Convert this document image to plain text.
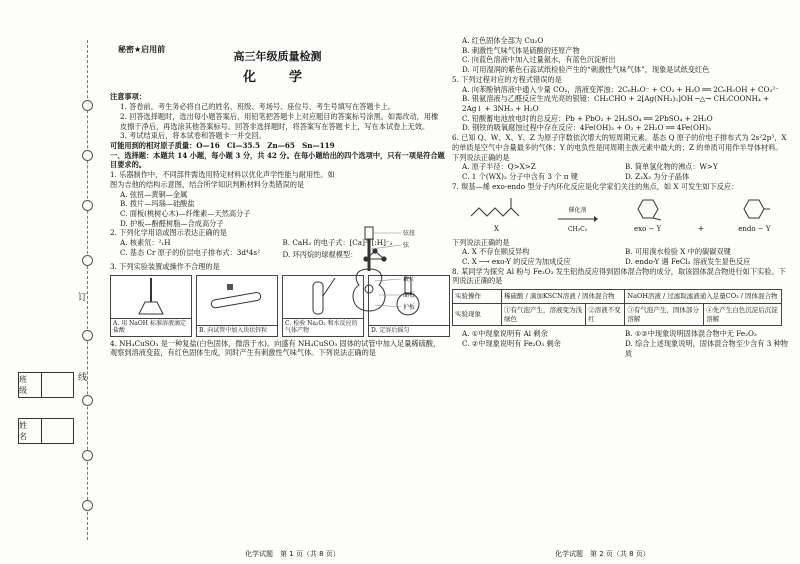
订
线
班　级
姓　名
秘密★启用前
高三年级质量检测
化　学

注意事项：

1. 答卷前，考生务必将自己的姓名、班级、考场号、座位号、考生号填写在答题卡上。

2. 回答选择题时，选出每小题答案后，用铅笔把答题卡上对应题目的答案标号涂黑。如需改动，用橡皮擦干净后，再选涂其他答案标号。回答非选择题时，将答案写在答题卡上，写在本试卷上无效。

3. 考试结束后，将本试卷和答题卡一并交回。

可能用到的相对原子质量：O—16　Cl—35.5　Zn—65　Sn—119

一、选择题：本题共 14 小题，每小题 3 分，共 42 分。在每小题给出的四个选项中，只有一项是符合题目要求的。

1. 乐器制作中，不同部件需选用特定材料以优化声学性能与耐用性。如图为吉他的结构示意图，结合所学知识判断材料分类错误的是

A. 弦扭—黄铜—金属

B. 拨片—玛瑙—硅酸盐

C. 面板(桃树心木)—纤维素—天然高分子

D. 护板—酚醛树脂—合成高分子

2. 下列化学用语或图示表达正确的是

A. 核素氘：²₁H	B. CaH₂ 的电子式：[Ca]²⁺[:H]⁻₂
C. 基态 Cr 原子的价层电子排布式：3d⁴4s²	D. 环丙烷的球棍模型：

3. 下列实验装置或操作不合理的是

A. 用 NaOH 标准溶液滴定盐酸	B. 向试管中加入块状锌粒
C. 检验 Na₂O₂ 和水反应的气体产物	D. 定容后摇匀

4. NH₄CuSO₃ 是一种复盐(白色固体，微溶于水)。向盛有 NH₄CuSO₃ 固体的试管中加入足量稀硫酸，观察到溶液变蓝，有红色固体生成，同时产生有刺激性气味气体。下列说法正确的是

弦扭
弦
拨片
面板
护板

A. 红色固体全部为 Cu₂O

B. 刺激性气味气体是硫酸的还原产物

C. 向蓝色溶液中加入过量氨水，有蓝色沉淀析出

D. 可用湿润的紫色石蕊试纸检验产生的“刺激性气味气体”，现象是试纸变红色

5. 下列过程对应的方程式错误的是

A. 向苯酚钠溶液中通入少量 CO₂，溶液变浑浊：2C₆H₅O⁻ + CO₂ + H₂O ══ 2C₆H₅OH + CO₃²⁻

B. 银氨溶液与乙醛反应生成光亮的银镜：CH₃CHO + 2[Ag(NH₃)₂]OH ─△→ CH₃COONH₄ + 2Ag↓ + 3NH₃ + H₂O

C. 铅酸蓄电池放电时的总反应：Pb + PbO₂ + 2H₂SO₄ ══ 2PbSO₄ + 2H₂O

D. 钢铁的吸氧腐蚀过程中存在反应：4Fe(OH)₂ + O₂ + 2H₂O ══ 4Fe(OH)₃

6. 已知 Q、W、X、Y、Z 为原子序数依次增大的短周期元素。基态 Q 原子的价电子排布式为 2s²2p³，X 的单质是空气中含量最多的气体；Y 的电负性是同周期主族元素中最大的；Z 的单质可用作半导体材料。下列说法正确的是

A. 原子半径：Q>X>Z	B. 简单氢化物的沸点：W>Y
C. 1 个(WX)₂ 分子中含有 3 个 π 键	D. Z₂X₂ 为分子晶体

7. 羰基—烯 exo-endo 型分子内环化反应是化学家们关注的焦点，如 X 可发生如下反应：

X
催化剂

CH₃C₂	exo − Y	+	endo − Y

下列说法正确的是

A. X 不存在顺反异构	B. 可用溴水检验 X 中的碳碳双键
C. X ─→ exo-Y 的反应为加成反应	D. endo-Y 遇 FeCl₃ 溶液发生显色反应

8. 某同学为探究 Al 粉与 Fe₂O₃ 发生铝热反应得到固体混合物的成分，取该固体混合物进行如下实验。下列说法正确的是

实验操作	稀硫酸 / 滴加KSCN溶液 / 固体混合物		NaOH溶液 / 过滤取滤液通入足量CO₂ / 固体混合物	
实验现象	①有气泡产生，溶液变为浅绿色	②溶液不变红	③有气泡产生，固体部分溶解	④先产生白色沉淀后沉淀溶解
A. ①中现象说明有 Al 剩余	B. ①②中现象说明固体混合物中无 Fe₂O₃
C. ②中现象说明有 Fe₂O₃ 剩余	D. 综合上述现象说明，固体混合物至少含有 3 种物质
化学试题　第 1 页（共 8 页）	化学试题　第 2 页（共 8 页）
